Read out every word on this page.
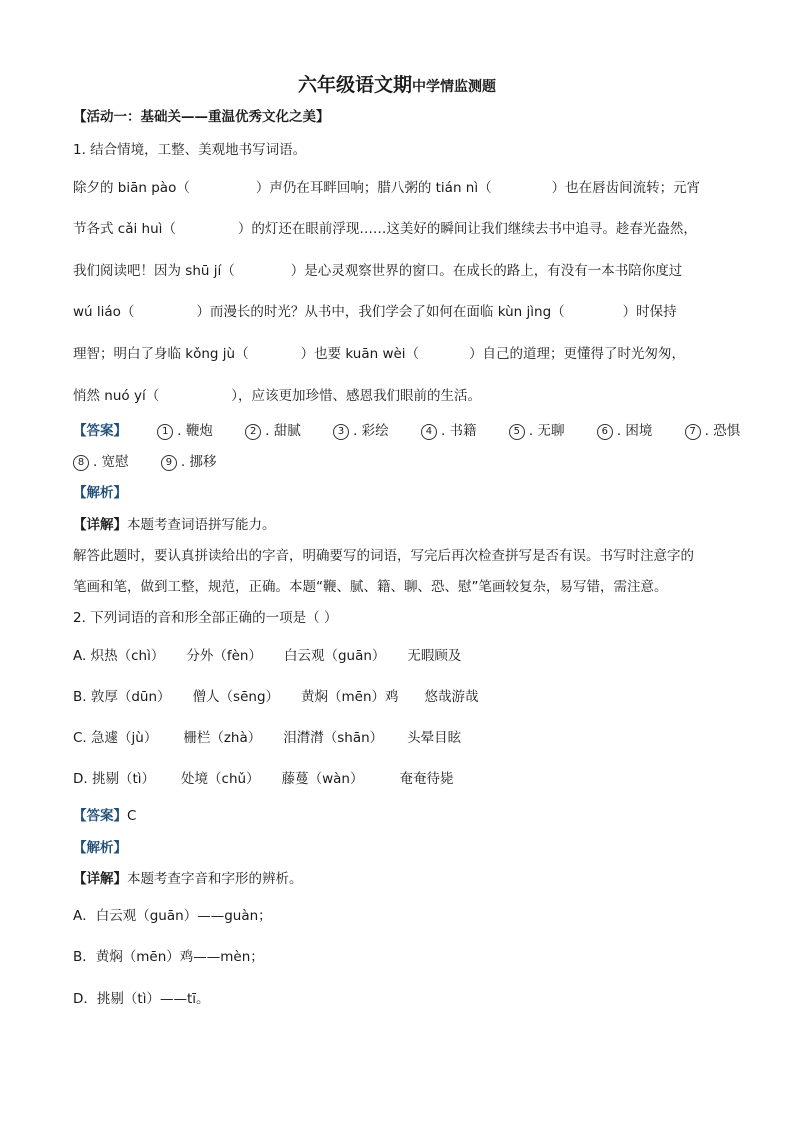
六年级语文期中学情监测题
【活动一：基础关——重温优秀文化之美】
1. 结合情境，工整、美观地书写词语。
除夕的 biān pào（	）声仍在耳畔回响；腊八粥的 tián nì（	）也在唇齿间流转；元宵
节各式 cǎi huì（	）的灯还在眼前浮现……这美好的瞬间让我们继续去书中追寻。趁春光盎然，
我们阅读吧！因为 shū jí（	）是心灵观察世界的窗口。在成长的路上，有没有一本书陪你度过
wú liáo（	）而漫长的时光？从书中，我们学会了如何在面临 kùn jìng（	）时保持
理智；明白了身临 kǒng jù（	）也要 kuān wèi（	）自己的道理；更懂得了时光匆匆，
悄然 nuó yí（	），应该更加珍惜、感恩我们眼前的生活。
【答案】	1 . 鞭炮	2 . 甜腻	3 . 彩绘	4 . 书籍	5 . 无聊	6 . 困境	7 . 恐惧
8 . 宽慰	9 . 挪移
【解析】
【详解】本题考查词语拼写能力。
解答此题时，要认真拼读给出的字音，明确要写的词语，写完后再次检查拼写是否有误。书写时注意字的
笔画和笔，做到工整，规范，正确。本题“鞭、腻、籍、聊、恐、慰”笔画较复杂，易写错，需注意。
2. 下列词语的音和形全部正确的一项是（ ）
A. 炽热（chì） 分外（fèn） 白云观（guān） 无暇顾及
B. 敦厚（dūn） 僧人（sēng） 黄焖（mēn）鸡 悠哉游哉
C. 急遽（jù） 栅栏（zhà） 泪潸潸（shān） 头晕目眩
D. 挑剔（tì） 处境（chǔ） 藤蔓（wàn）	奄奄待毙
【答案】C
【解析】
【详解】本题考查字音和字形的辨析。
A．白云观（guān）——guàn；
B．黄焖（mēn）鸡——mèn；
D．挑剔（tì）——tī。
